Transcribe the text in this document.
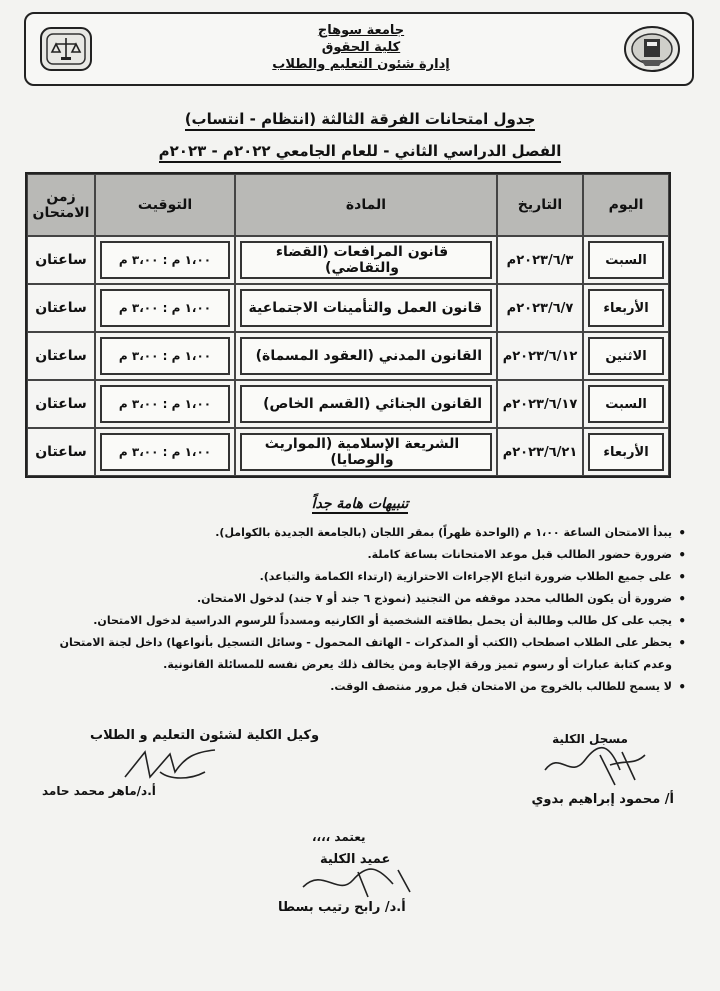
جامعة سوهاج
كلية الحقوق
إدارة شئون التعليم والطلاب
جدول امتحانات الفرقة الثالثة (انتظام - انتساب)
الفصل الدراسي الثاني - للعام الجامعي ٢٠٢٢م - ٢٠٢٣م
اليوم	التاريخ	المادة	التوقيت	زمن الامتحان

السبت	٢٠٢٣/٦/٣م	قانون المرافعات (القضاء والتقاضي)	١،٠٠ م : ٣،٠٠ م	ساعتان

الأربعاء	٢٠٢٣/٦/٧م	قانون العمل والتأمينات الاجتماعية	١،٠٠ م : ٣،٠٠ م	ساعتان

الاثنين	٢٠٢٣/٦/١٢م	القانون المدني (العقود المسماة)	١،٠٠ م : ٣،٠٠ م	ساعتان

السبت	٢٠٢٣/٦/١٧م	القانون الجنائي (القسم الخاص)	١،٠٠ م : ٣،٠٠ م	ساعتان

الأربعاء	٢٠٢٣/٦/٢١م	الشريعة الإسلامية (المواريث والوصايا)	١،٠٠ م : ٣،٠٠ م	ساعتان
تنبيهات هامة جداً
• يبدأ الامتحان الساعة ١،٠٠ م (الواحدة ظهراً) بمقر اللجان (بالجامعة الجديدة بالكوامل).
• ضرورة حضور الطالب قبل موعد الامتحانات بساعة كاملة.
• على جميع الطلاب ضرورة اتباع الإجراءات الاحترازية (ارتداء الكمامة والتباعد).
• ضرورة أن يكون الطالب محدد موقفه من التجنيد (نموذج ٦ جند أو ٧ جند) لدخول الامتحان.
• يجب على كل طالب وطالبة أن يحمل بطاقته الشخصية أو الكارنيه ومسدداً للرسوم الدراسية لدخول الامتحان.
• يحظر على الطلاب اصطحاب (الكتب أو المذكرات - الهاتف المحمول - وسائل التسجيل بأنواعها) داخل لجنة الامتحان وعدم كتابة عبارات أو رسوم تميز ورقة الإجابة ومن يخالف ذلك يعرض نفسه للمسائلة القانونية.
• لا يسمح للطالب بالخروج من الامتحان قبل مرور منتصف الوقت.
مسجل الكلية
أ/ محمود إبراهيم بدوي
وكيل الكلية لشئون التعليم و الطلاب
أ.د/ماهر محمد حامد
يعتمد ،،،،
عميد الكلية
أ.د/ رابح رتيب بسطا
